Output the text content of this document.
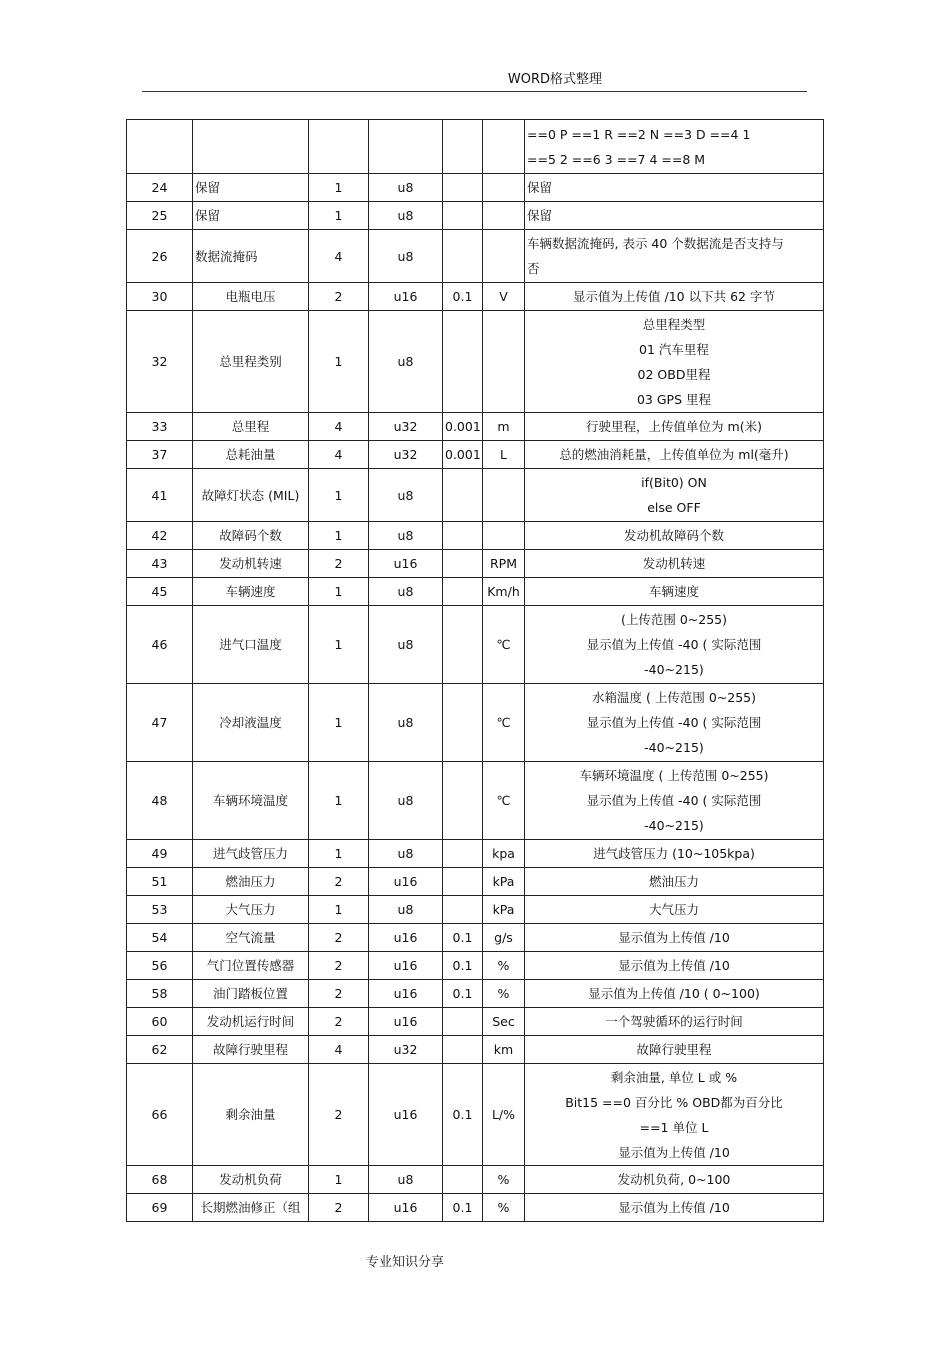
WORD格式整理

						==0 P ==1 R ==2 N ==3 D ==4 1
==5 2 ==6 3 ==7 4 ==8 M

24	保留	1	u8			保留

25	保留	1	u8			保留

26	数据流掩码	4	u8			车辆数据流掩码, 表示 40 个数据流是否支持与
否

30	电瓶电压	2	u16	0.1	V	显示值为上传值 /10 以下共 62 字节

32	总里程类别	1	u8			总里程类型
01 汽车里程
02 OBD里程
03 GPS 里程

33	总里程	4	u32	0.001	m	行驶里程，上传值单位为 m(米)

37	总耗油量	4	u32	0.001	L	总的燃油消耗量，上传值单位为 ml(毫升)

41	故障灯状态 (MIL)	1	u8			if(Bit0) ON
else OFF

42	故障码个数	1	u8			发动机故障码个数

43	发动机转速	2	u16		RPM	发动机转速

45	车辆速度	1	u8		Km/h	车辆速度

46	进气口温度	1	u8		℃	(上传范围 0~255)
显示值为上传值 -40 ( 实际范围
-40~215)

47	冷却液温度	1	u8		℃	水箱温度 ( 上传范围 0~255)
显示值为上传值 -40 ( 实际范围
-40~215)

48	车辆环境温度	1	u8		℃	车辆环境温度 ( 上传范围 0~255)
显示值为上传值 -40 ( 实际范围
-40~215)

49	进气歧管压力	1	u8		kpa	进气歧管压力 (10~105kpa)

51	燃油压力	2	u16		kPa	燃油压力

53	大气压力	1	u8		kPa	大气压力

54	空气流量	2	u16	0.1	g/s	显示值为上传值 /10

56	气门位置传感器	2	u16	0.1	%	显示值为上传值 /10

58	油门踏板位置	2	u16	0.1	%	显示值为上传值 /10 ( 0~100)

60	发动机运行时间	2	u16		Sec	一个驾驶循环的运行时间

62	故障行驶里程	4	u32		km	故障行驶里程

66	剩余油量	2	u16	0.1	L/%	剩余油量, 单位 L 或 %
Bit15 ==0 百分比 % OBD都为百分比
==1 单位 L
显示值为上传值 /10

68	发动机负荷	1	u8		%	发动机负荷, 0~100

69	长期燃油修正（组	2	u16	0.1	%	显示值为上传值 /10
专业知识分享
